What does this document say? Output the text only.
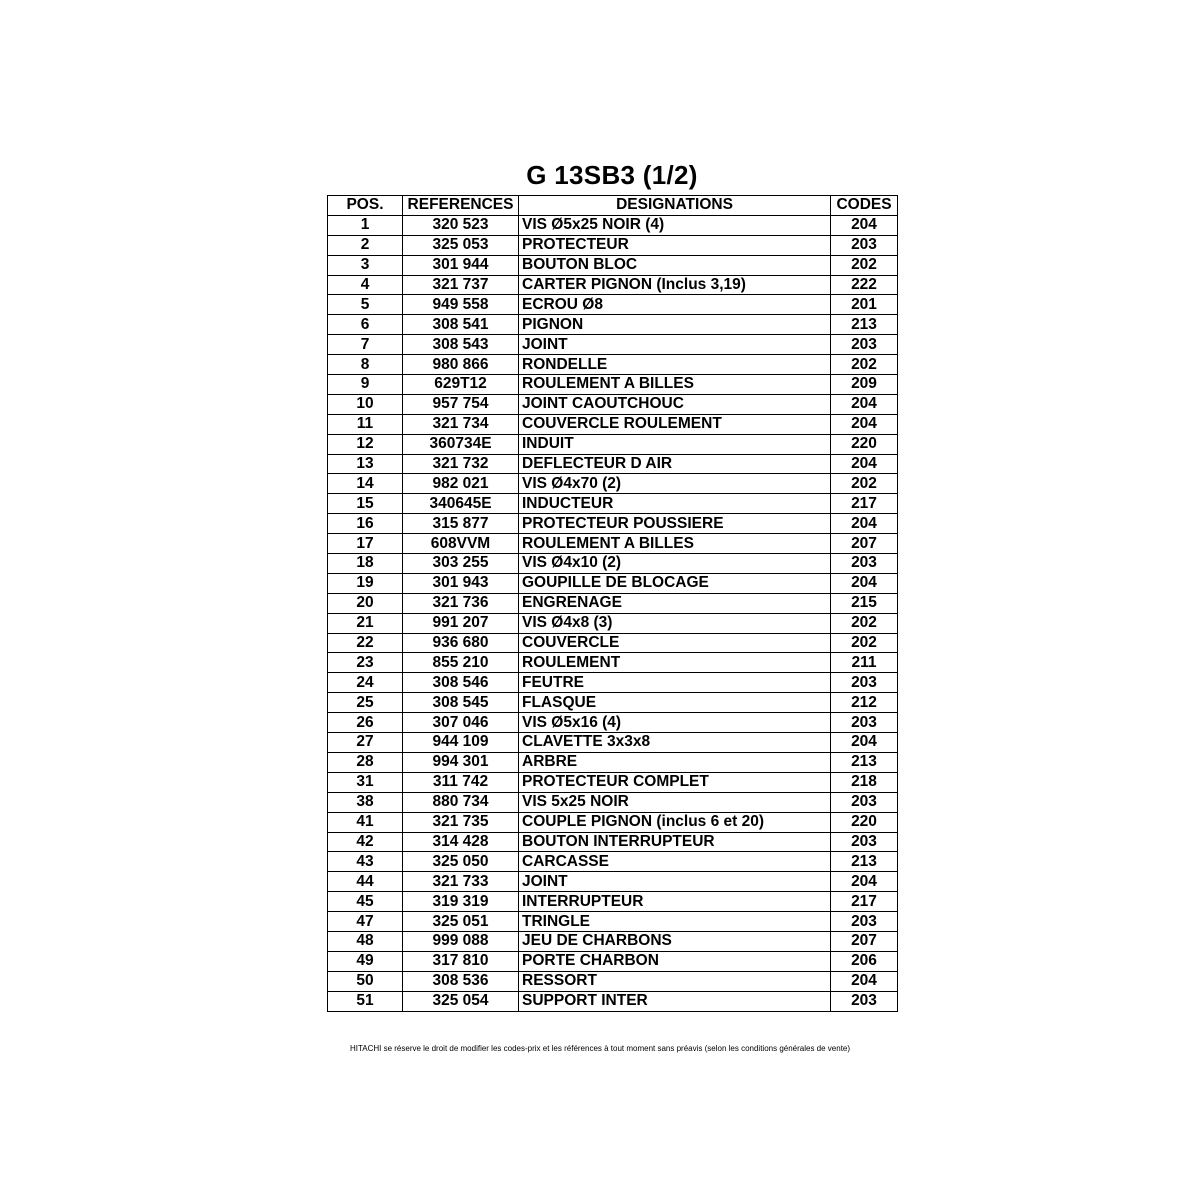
G 13SB3 (1/2)
POS.	REFERENCES	DESIGNATIONS	CODES
1	320 523	VIS Ø5x25 NOIR (4)	204
2	325 053	PROTECTEUR	203
3	301 944	BOUTON BLOC	202
4	321 737	CARTER PIGNON (Inclus 3,19)	222
5	949 558	ECROU Ø8	201
6	308 541	PIGNON	213
7	308 543	JOINT	203
8	980 866	RONDELLE	202
9	629T12	ROULEMENT A BILLES	209
10	957 754	JOINT CAOUTCHOUC	204
11	321 734	COUVERCLE ROULEMENT	204
12	360734E	INDUIT	220
13	321 732	DEFLECTEUR D AIR	204
14	982 021	VIS Ø4x70 (2)	202
15	340645E	INDUCTEUR	217
16	315 877	PROTECTEUR POUSSIERE	204
17	608VVM	ROULEMENT A BILLES	207
18	303 255	VIS Ø4x10 (2)	203
19	301 943	GOUPILLE DE BLOCAGE	204
20	321 736	ENGRENAGE	215
21	991 207	VIS Ø4x8 (3)	202
22	936 680	COUVERCLE	202
23	855 210	ROULEMENT	211
24	308 546	FEUTRE	203
25	308 545	FLASQUE	212
26	307 046	VIS Ø5x16 (4)	203
27	944 109	CLAVETTE 3x3x8	204
28	994 301	ARBRE	213
31	311 742	PROTECTEUR COMPLET	218
38	880 734	VIS 5x25 NOIR	203
41	321 735	COUPLE PIGNON (inclus 6 et 20)	220
42	314 428	BOUTON INTERRUPTEUR	203
43	325 050	CARCASSE	213
44	321 733	JOINT	204
45	319 319	INTERRUPTEUR	217
47	325 051	TRINGLE	203
48	999 088	JEU DE CHARBONS	207
49	317 810	PORTE CHARBON	206
50	308 536	RESSORT	204
51	325 054	SUPPORT INTER	203

HITACHI se réserve le droit de modifier les codes-prix et les références à tout moment sans préavis (selon les conditions générales de vente)
